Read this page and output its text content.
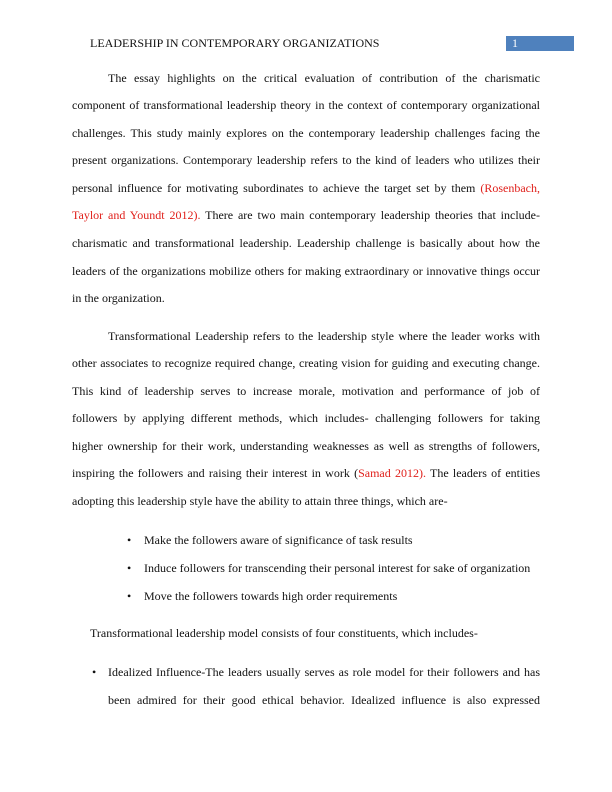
LEADERSHIP IN CONTEMPORARY ORGANIZATIONS	1
The essay highlights on the critical evaluation of contribution of the charismatic
component of transformational leadership theory in the context of contemporary organizational
challenges. This study mainly explores on the contemporary leadership challenges facing the
present organizations. Contemporary leadership refers to the kind of leaders who utilizes their
personal influence for motivating subordinates to achieve the target set by them (Rosenbach,
Taylor and Youndt 2012). There are two main contemporary leadership theories that include-
charismatic and transformational leadership. Leadership challenge is basically about how the
leaders of the organizations mobilize others for making extraordinary or innovative things occur
in the organization.
Transformational Leadership refers to the leadership style where the leader works with
other associates to recognize required change, creating vision for guiding and executing change.
This kind of leadership serves to increase morale, motivation and performance of job of
followers by applying different methods, which includes- challenging followers for taking
higher ownership for their work, understanding weaknesses as well as strengths of followers,
inspiring the followers and raising their interest in work (Samad 2012). The leaders of entities
adopting this leadership style have the ability to attain three things, which are-
• Make the followers aware of significance of task results
• Induce followers for transcending their personal interest for sake of organization
• Move the followers towards high order requirements
Transformational leadership model consists of four constituents, which includes-
• Idealized Influence-The leaders usually serves as role model for their followers and has
been admired for their good ethical behavior. Idealized influence is also expressed
